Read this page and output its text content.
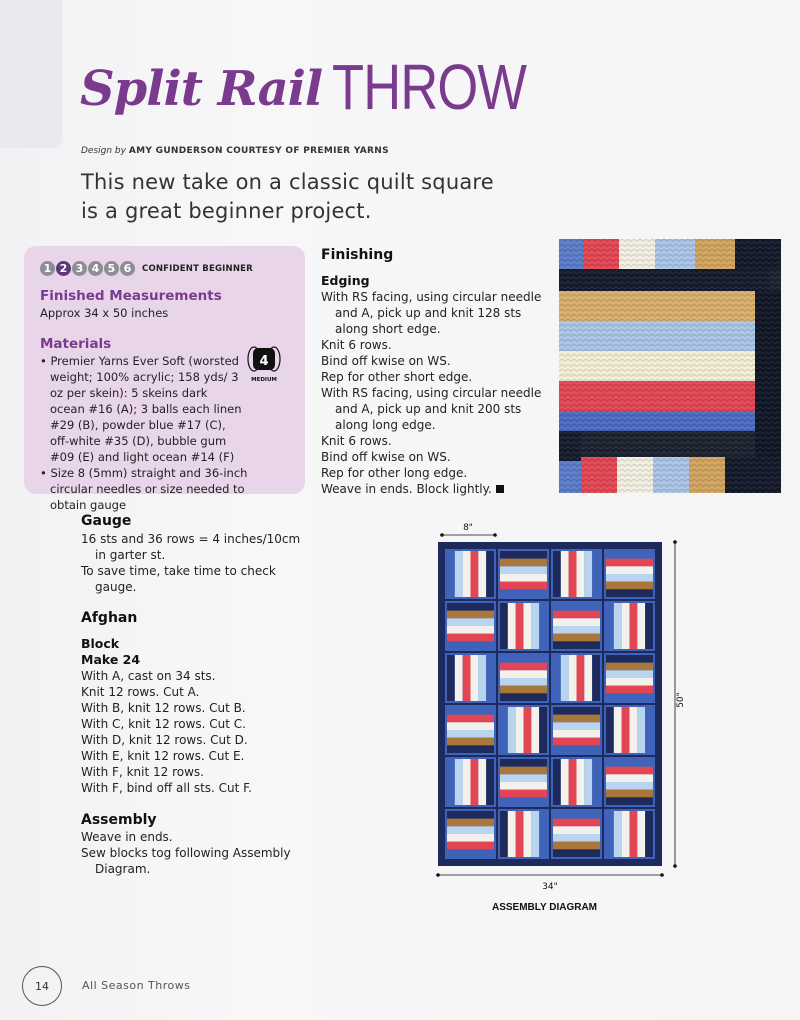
Split Rail THROW
Design by AMY GUNDERSON COURTESY OF PREMIER YARNS
This new take on a classic quilt square
is a great beginner project.
1 2 3 4 5 6	CONFIDENT BEGINNER
Finished Measurements
Approx 34 x 50 inches
Materials
• Premier Yarns Ever Soft (worsted weight; 100% acrylic; 158 yds/ 3 oz per skein): 5 skeins dark ocean #16 (A); 3 balls each linen #29 (B), powder blue #17 (C), off-white #35 (D), bubble gum #09 (E) and light ocean #14 (F)
• Size 8 (5mm) straight and 36-inch circular needles or size needed to obtain gauge
4
MEDIUM
Finishing
Edging
With RS facing, using circular needle and A, pick up and knit 128 sts along short edge.
Knit 6 rows.
Bind off kwise on WS.
Rep for other short edge.
With RS facing, using circular needle and A, pick up and knit 200 sts along long edge.
Knit 6 rows.
Bind off kwise on WS.
Rep for other long edge.
Weave in ends. Block lightly.
Gauge
16 sts and 36 rows = 4 inches/10cm in garter st.
To save time, take time to check gauge.
Afghan
Block
Make 24
With A, cast on 34 sts.
Knit 12 rows. Cut A.
With B, knit 12 rows. Cut B.
With C, knit 12 rows. Cut C.
With D, knit 12 rows. Cut D.
With E, knit 12 rows. Cut E.
With F, knit 12 rows.
With F, bind off all sts. Cut F.
Assembly
Weave in ends.
Sew blocks tog following Assembly Diagram.
8"
50"
34"
ASSEMBLY DIAGRAM
14	All Season Throws
